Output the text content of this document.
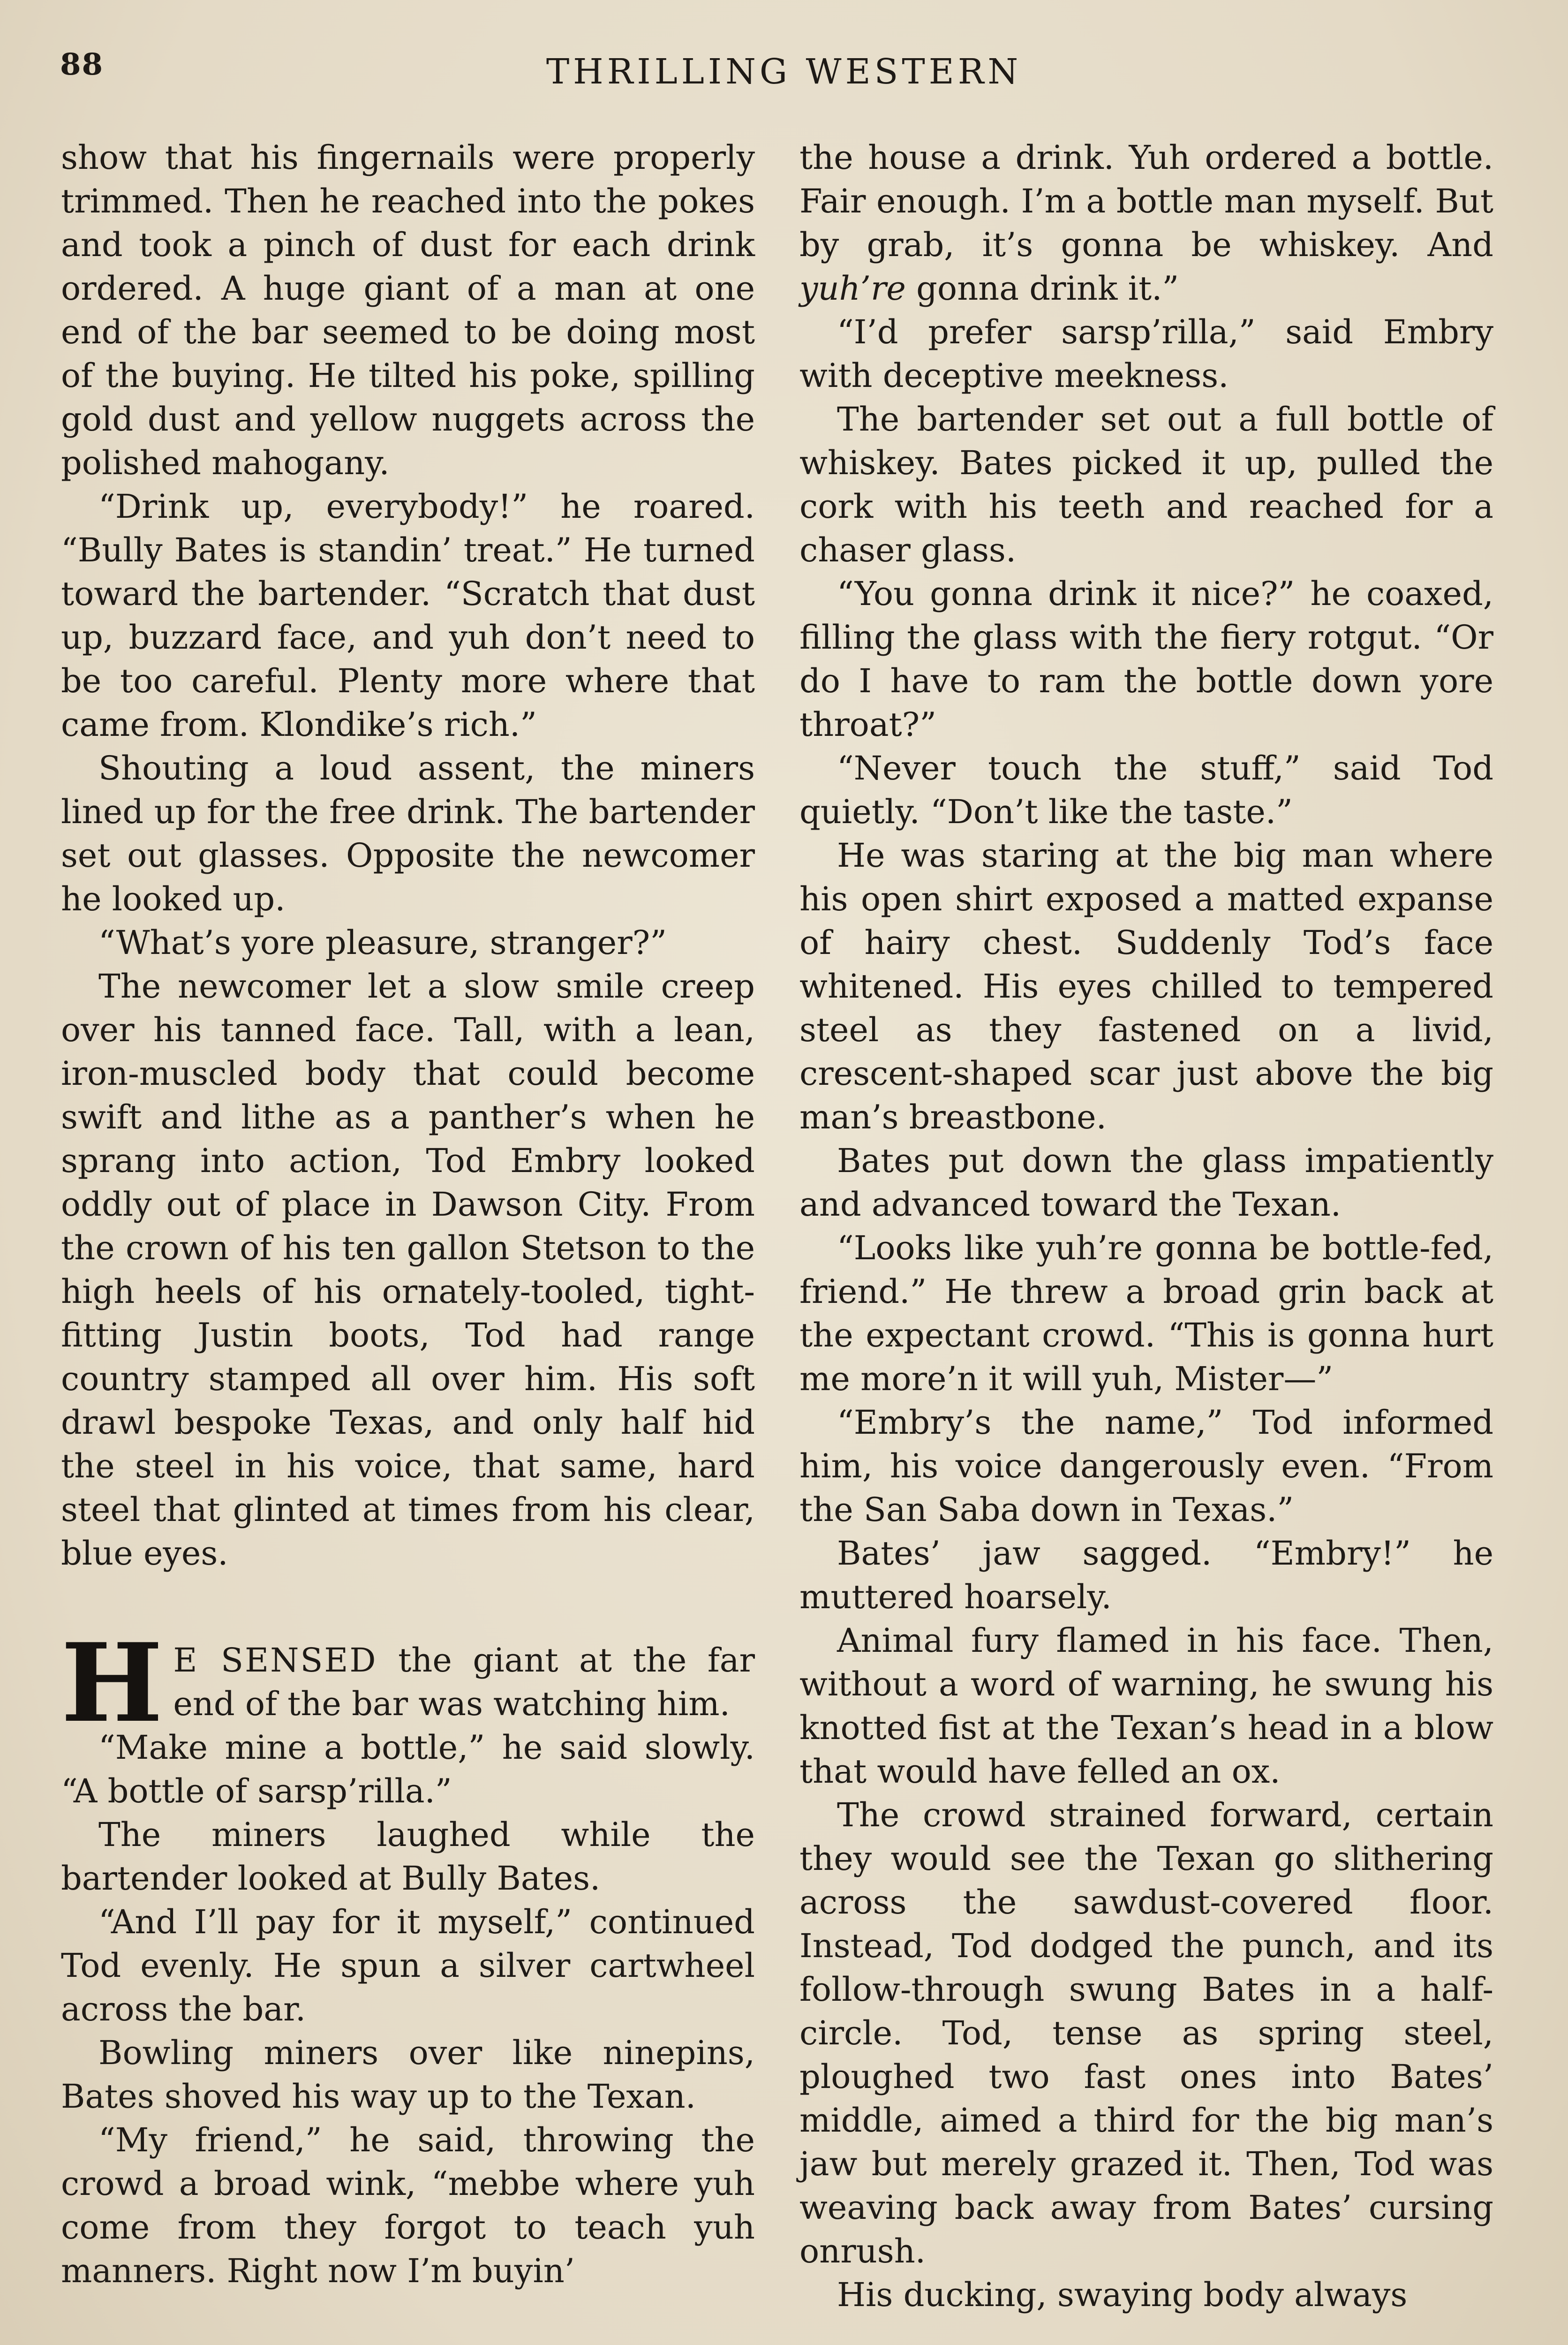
88	THRILLING WESTERN

show that his fingernails were properly trimmed. Then he reached into the pokes and took a pinch of dust for each drink ordered. A huge giant of a man at one end of the bar seemed to be doing most of the buying. He tilted his poke, spilling gold dust and yellow nuggets across the polished mahogany.

“Drink up, everybody!” he roared. “Bully Bates is standin’ treat.” He turned toward the bartender. “Scratch that dust up, buzzard face, and yuh don’t need to be too careful. Plenty more where that came from. Klondike’s rich.”

Shouting a loud assent, the miners lined up for the free drink. The bartender set out glasses. Opposite the newcomer he looked up.

“What’s yore pleasure, stranger?”

The newcomer let a slow smile creep over his tanned face. Tall, with a lean, iron-muscled body that could become swift and lithe as a panther’s when he sprang into action, Tod Embry looked oddly out of place in Dawson City. From the crown of his ten gallon Stetson to the high heels of his ornately-tooled, tight-fitting Justin boots, Tod had range country stamped all over him. His soft drawl bespoke Texas, and only half hid the steel in his voice, that same, hard steel that glinted at times from his clear, blue eyes.

H E SENSED the giant at the far end of the bar was watching him.

“Make mine a bottle,” he said slowly. “A bottle of sarsp’rilla.”

The miners laughed while the bartender looked at Bully Bates.

“And I’ll pay for it myself,” continued Tod evenly. He spun a silver cartwheel across the bar.

Bowling miners over like ninepins, Bates shoved his way up to the Texan.

“My friend,” he said, throwing the crowd a broad wink, “mebbe where yuh come from they forgot to teach yuh manners. Right now I’m buyin’

the house a drink. Yuh ordered a bottle. Fair enough. I’m a bottle man myself. But by grab, it’s gonna be whiskey. And yuh’re gonna drink it.”

“I’d prefer sarsp’rilla,” said Embry with deceptive meekness.

The bartender set out a full bottle of whiskey. Bates picked it up, pulled the cork with his teeth and reached for a chaser glass.

“You gonna drink it nice?” he coaxed, filling the glass with the fiery rotgut. “Or do I have to ram the bottle down yore throat?”

“Never touch the stuff,” said Tod quietly. “Don’t like the taste.”

He was staring at the big man where his open shirt exposed a matted expanse of hairy chest. Suddenly Tod’s face whitened. His eyes chilled to tempered steel as they fastened on a livid, crescent-shaped scar just above the big man’s breastbone.

Bates put down the glass impatiently and advanced toward the Texan.

“Looks like yuh’re gonna be bottle-fed, friend.” He threw a broad grin back at the expectant crowd. “This is gonna hurt me more’n it will yuh, Mister—”

“Embry’s the name,” Tod informed him, his voice dangerously even. “From the San Saba down in Texas.”

Bates’ jaw sagged. “Embry!” he muttered hoarsely.

Animal fury flamed in his face. Then, without a word of warning, he swung his knotted fist at the Texan’s head in a blow that would have felled an ox.

The crowd strained forward, certain they would see the Texan go slithering across the sawdust-covered floor. Instead, Tod dodged the punch, and its follow-through swung Bates in a half-circle. Tod, tense as spring steel, ploughed two fast ones into Bates’ middle, aimed a third for the big man’s jaw but merely grazed it. Then, Tod was weaving back away from Bates’ cursing onrush.

His ducking, swaying body always
